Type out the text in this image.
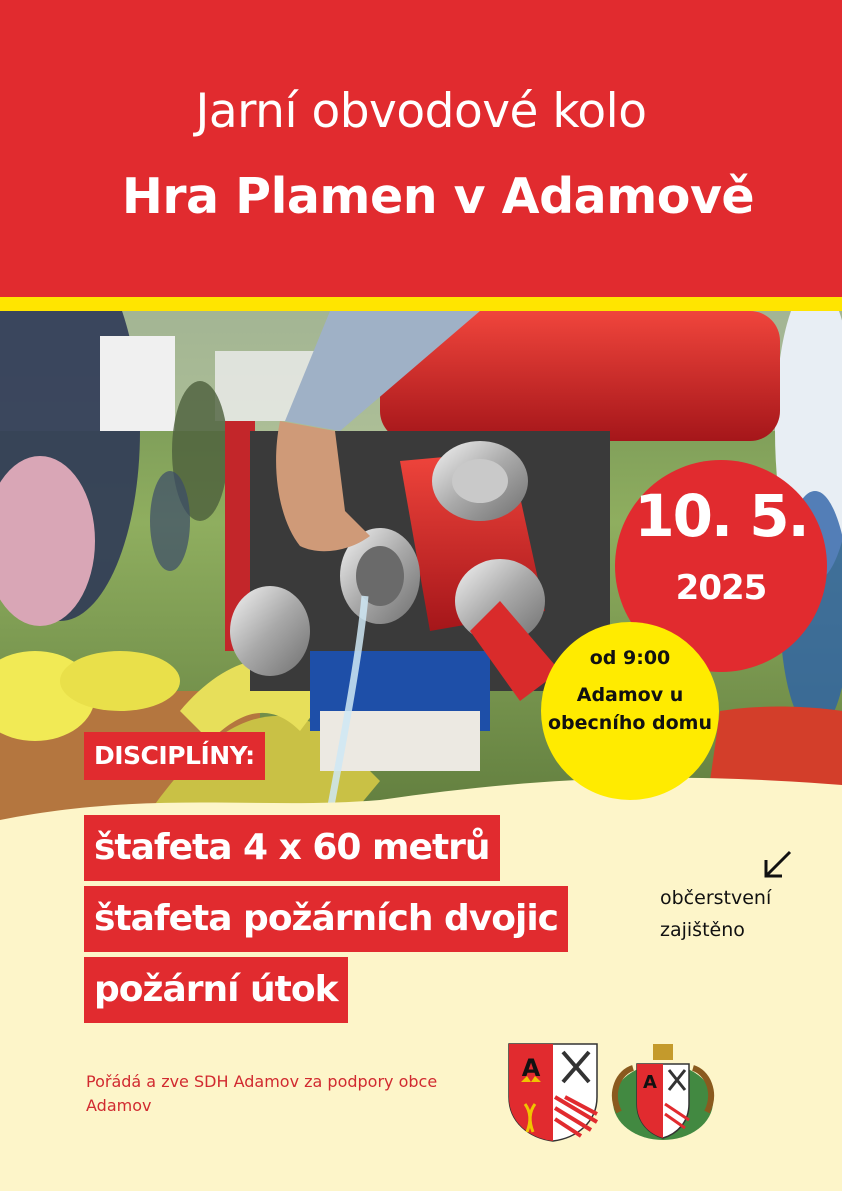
Jarní obvodové kolo
Hra Plamen v Adamově
10. 5.
2025
od 9:00
Adamov u obecního domu
DISCIPLÍNY:
štafeta 4 x 60 metrů
štafeta požárních dvojic
požární útok
občerstvení zajištěno
Pořádá a zve SDH Adamov za podpory obce Adamov
A
A
